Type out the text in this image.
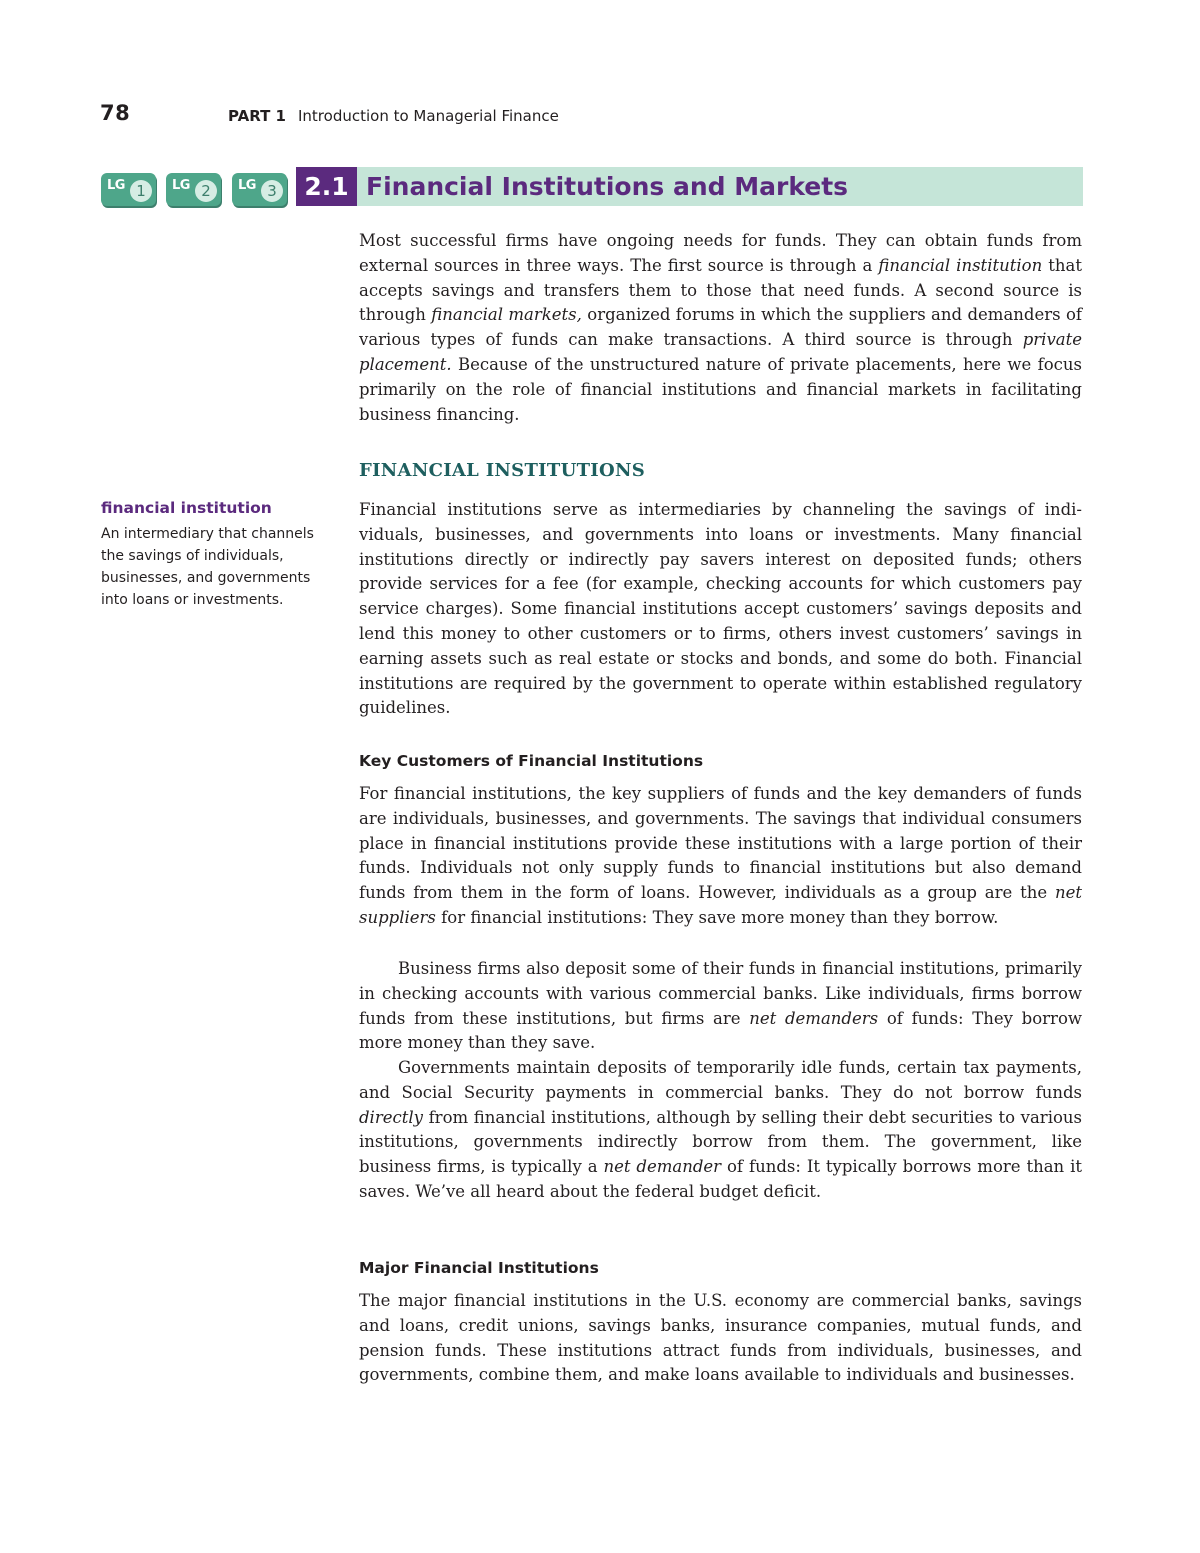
78	PART 1 Introduction to Managerial Finance
LG 1	LG 2	LG 3	2.1 Financial Institutions and Markets

Most successful firms have ongoing needs for funds. They can obtain funds from external sources in three ways. The first source is through a financial institution that accepts savings and transfers them to those that need funds. A second source is through financial markets, organized forums in which the suppliers and demanders of various types of funds can make transactions. A third source is through private placement. Because of the unstructured nature of private placements, here we focus primarily on the role of financial institutions and financial markets in facilitating business financing.

FINANCIAL INSTITUTIONS
financial institution
An intermediary that channels the savings of individuals, businesses, and governments into loans or investments.

Financial institutions serve as intermediaries by channeling the savings of individuals, businesses, and governments into loans or investments. Many financial institutions directly or indirectly pay savers interest on deposited funds; others provide services for a fee (for example, checking accounts for which customers pay service charges). Some financial institutions accept customers’ savings deposits and lend this money to other customers or to firms, others invest customers’ savings in earning assets such as real estate or stocks and bonds, and some do both. Financial institutions are required by the government to operate within established regulatory guidelines.

Key Customers of Financial Institutions

For financial institutions, the key suppliers of funds and the key demanders of funds are individuals, businesses, and governments. The savings that individual consumers place in financial institutions provide these institutions with a large portion of their funds. Individuals not only supply funds to financial institutions but also demand funds from them in the form of loans. However, individuals as a group are the net suppliers for financial institutions: They save more money than they borrow.

Business firms also deposit some of their funds in financial institutions, primarily in checking accounts with various commercial banks. Like individuals, firms borrow funds from these institutions, but firms are net demanders of funds: They borrow more money than they save.

Governments maintain deposits of temporarily idle funds, certain tax payments, and Social Security payments in commercial banks. They do not borrow funds directly from financial institutions, although by selling their debt securities to various institutions, governments indirectly borrow from them. The government, like business firms, is typically a net demander of funds: It typically borrows more than it saves. We’ve all heard about the federal budget deficit.

Major Financial Institutions

The major financial institutions in the U.S. economy are commercial banks, savings and loans, credit unions, savings banks, insurance companies, mutual funds, and pension funds. These institutions attract funds from individuals, businesses, and governments, combine them, and make loans available to individuals and businesses.
